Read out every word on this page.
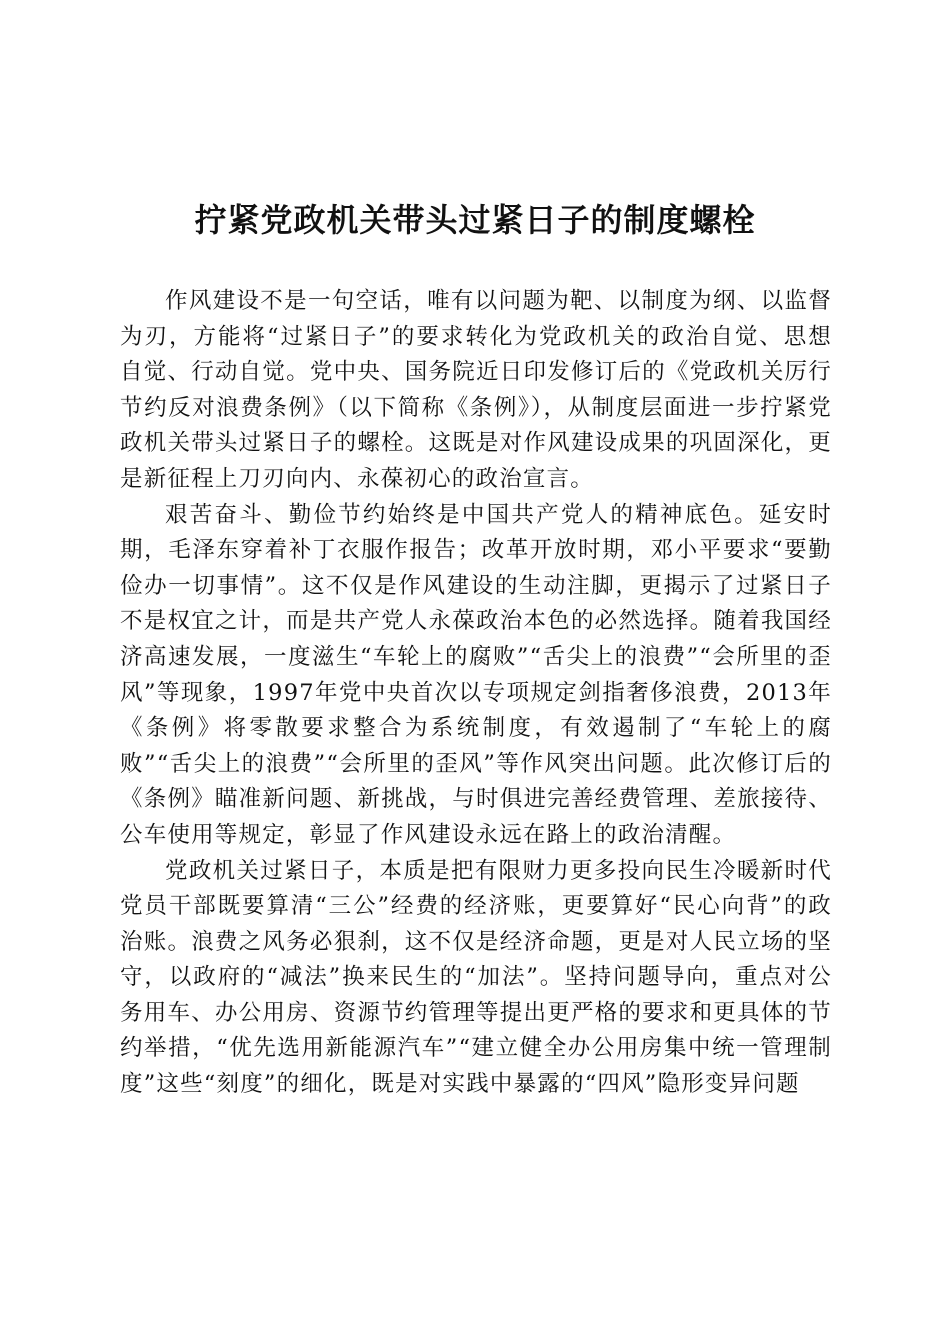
拧紧党政机关带头过紧日子的制度螺栓

作风建设不是一句空话，唯有以问题为靶、以制度为纲、以监督为刃，方能将“过紧日子”的要求转化为党政机关的政治自觉、思想自觉、行动自觉。党中央、国务院近日印发修订后的《党政机关厉行节约反对浪费条例》（以下简称《条例》），从制度层面进一步拧紧党政机关带头过紧日子的螺栓。这既是对作风建设成果的巩固深化，更是新征程上刀刃向内、永葆初心的政治宣言。

艰苦奋斗、勤俭节约始终是中国共产党人的精神底色。延安时期，毛泽东穿着补丁衣服作报告；改革开放时期，邓小平要求“要勤俭办一切事情”。这不仅是作风建设的生动注脚，更揭示了过紧日子不是权宜之计，而是共产党人永葆政治本色的必然选择。随着我国经济高速发展，一度滋生“车轮上的腐败”“舌尖上的浪费”“会所里的歪风”等现象，1997年党中央首次以专项规定剑指奢侈浪费，2013年《条例》将零散要求整合为系统制度，有效遏制了“车轮上的腐败”“舌尖上的浪费”“会所里的歪风”等作风突出问题。此次修订后的《条例》瞄准新问题、新挑战，与时俱进完善经费管理、差旅接待、公车使用等规定，彰显了作风建设永远在路上的政治清醒。

党政机关过紧日子，本质是把有限财力更多投向民生冷暖新时代党员干部既要算清“三公”经费的经济账，更要算好“民心向背”的政治账。浪费之风务必狠刹，这不仅是经济命题，更是对人民立场的坚守，以政府的“减法”换来民生的“加法”。坚持问题导向，重点对公务用车、办公用房、资源节约管理等提出更严格的要求和更具体的节约举措，“优先选用新能源汽车”“建立健全办公用房集中统一管理制度”这些“刻度”的细化，既是对实践中暴露的“四风”隐形变异问题
